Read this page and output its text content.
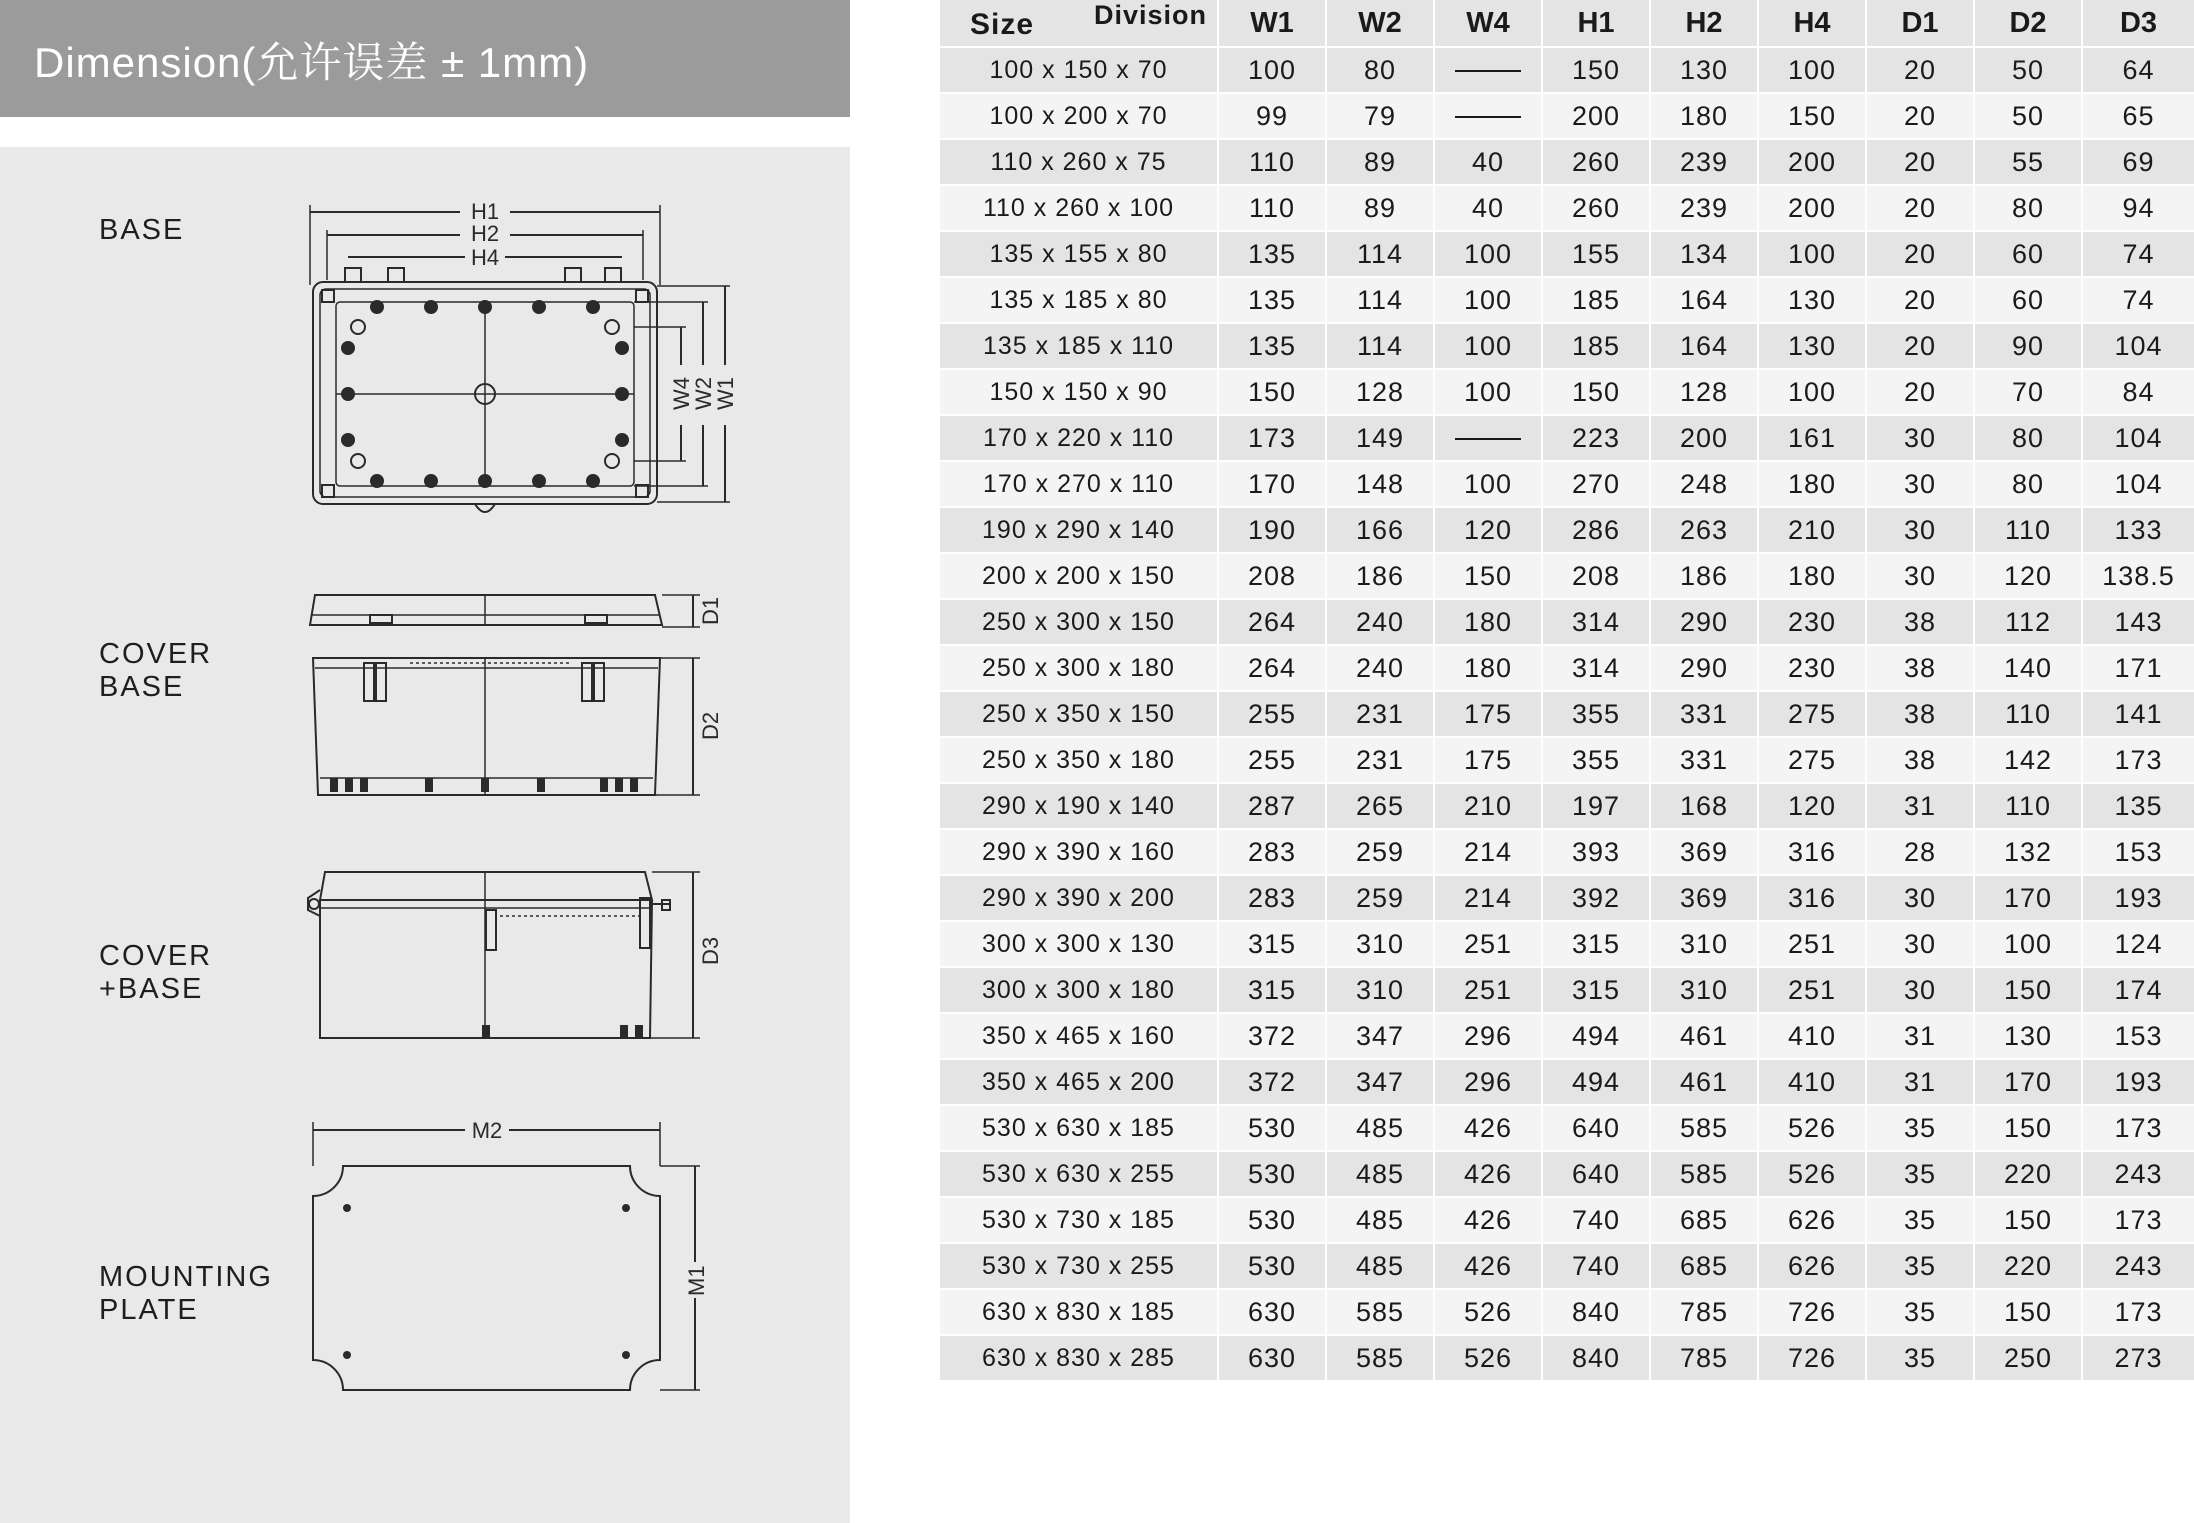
Dimension(允许误差 ± 1mm)
BASE
COVER
BASE
COVER
+BASE
MOUNTING
PLATE
H1
H2
H4
W4
W2
W1
D1
D2
D3
M2
M1
Size Division	W1	W2	W4	H1	H2	H4	D1	D2	D3
100 x 150 x 70	100	80		150	130	100	20	50	64
100 x 200 x 70	99	79		200	180	150	20	50	65
110 x 260 x 75	110	89	40	260	239	200	20	55	69
110 x 260 x 100	110	89	40	260	239	200	20	80	94
135 x 155 x 80	135	114	100	155	134	100	20	60	74
135 x 185 x 80	135	114	100	185	164	130	20	60	74
135 x 185 x 110	135	114	100	185	164	130	20	90	104
150 x 150 x 90	150	128	100	150	128	100	20	70	84
170 x 220 x 110	173	149		223	200	161	30	80	104
170 x 270 x 110	170	148	100	270	248	180	30	80	104
190 x 290 x 140	190	166	120	286	263	210	30	110	133
200 x 200 x 150	208	186	150	208	186	180	30	120	138.5
250 x 300 x 150	264	240	180	314	290	230	38	112	143
250 x 300 x 180	264	240	180	314	290	230	38	140	171
250 x 350 x 150	255	231	175	355	331	275	38	110	141
250 x 350 x 180	255	231	175	355	331	275	38	142	173
290 x 190 x 140	287	265	210	197	168	120	31	110	135
290 x 390 x 160	283	259	214	393	369	316	28	132	153
290 x 390 x 200	283	259	214	392	369	316	30	170	193
300 x 300 x 130	315	310	251	315	310	251	30	100	124
300 x 300 x 180	315	310	251	315	310	251	30	150	174
350 x 465 x 160	372	347	296	494	461	410	31	130	153
350 x 465 x 200	372	347	296	494	461	410	31	170	193
530 x 630 x 185	530	485	426	640	585	526	35	150	173
530 x 630 x 255	530	485	426	640	585	526	35	220	243
530 x 730 x 185	530	485	426	740	685	626	35	150	173
530 x 730 x 255	530	485	426	740	685	626	35	220	243
630 x 830 x 185	630	585	526	840	785	726	35	150	173
630 x 830 x 285	630	585	526	840	785	726	35	250	273
